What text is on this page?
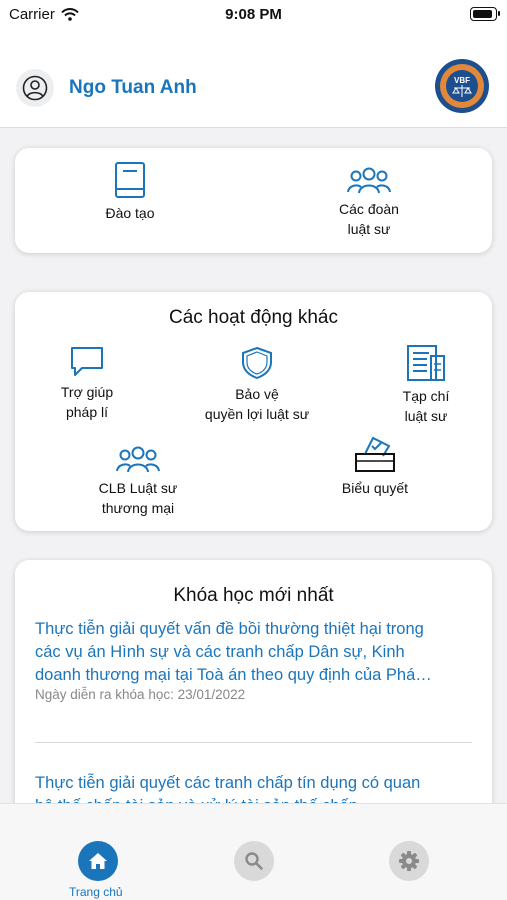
Carrier	9:08 PM
Ngo Tuan Anh	VBF
Đào tạo	Các đoàn
luật sư
Các hoạt động khác
Trợ giúp
pháp lí
Bảo vệ
quyền lợi luật sư
Tạp chí
luật sư
CLB Luật sư
thương mại
Biểu quyết
Khóa học mới nhất
Thực tiễn giải quyết vấn đề bồi thường thiệt hại trong
các vụ án Hình sự và các tranh chấp Dân sự, Kinh
doanh thương mại tại Toà án theo quy định của Phá…
Ngày diễn ra khóa học: 23/01/2022
Thực tiễn giải quyết các tranh chấp tín dụng có quan
Trang chủ
